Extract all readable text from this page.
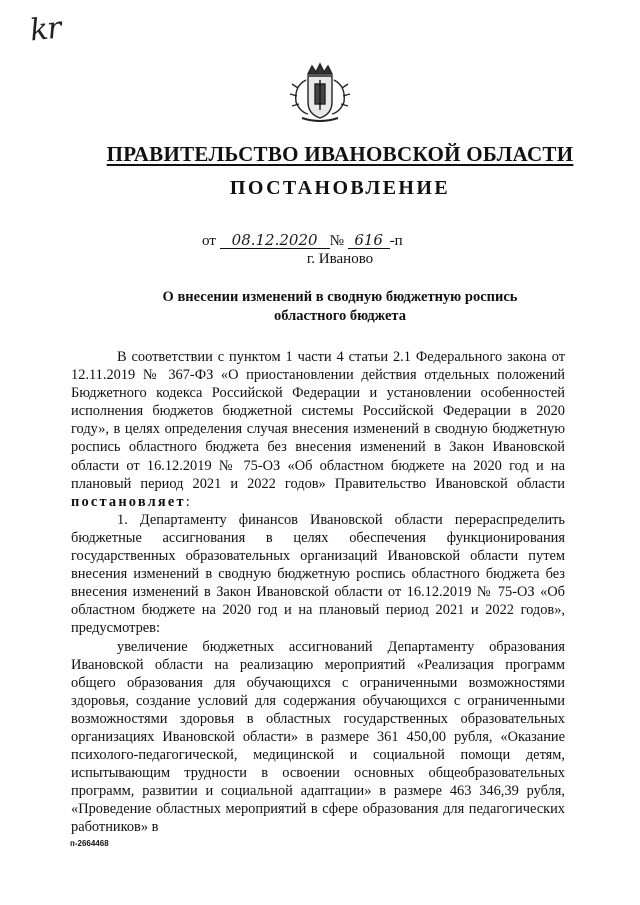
kr
ПРАВИТЕЛЬСТВО ИВАНОВСКОЙ ОБЛАСТИ
ПОСТАНОВЛЕНИЕ
от 08.12.2020 № 616 -п
г. Иваново
О внесении изменений в сводную бюджетную роспись
областного бюджета

В соответствии с пунктом 1 части 4 статьи 2.1 Федерального закона от 12.11.2019 № 367-ФЗ «О приостановлении действия отдельных положений Бюджетного кодекса Российской Федерации и установлении особенностей исполнения бюджетов бюджетной системы Российской Федерации в 2020 году», в целях определения случая внесения изменений в сводную бюджетную роспись областного бюджета без внесения изменений в Закон Ивановской области от 16.12.2019 № 75-ОЗ «Об областном бюджете на 2020 год и на плановый период 2021 и 2022 годов» Правительство Ивановской области постановляет:

1. Департаменту финансов Ивановской области перераспределить бюджетные ассигнования в целях обеспечения функционирования государственных образовательных организаций Ивановской области путем внесения изменений в сводную бюджетную роспись областного бюджета без внесения изменений в Закон Ивановской области от 16.12.2019 № 75-ОЗ «Об областном бюджете на 2020 год и на плановый период 2021 и 2022 годов», предусмотрев:

увеличение бюджетных ассигнований Департаменту образования Ивановской области на реализацию мероприятий «Реализация программ общего образования для обучающихся с ограниченными возможностями здоровья, создание условий для содержания обучающихся с ограниченными возможностями здоровья в областных государственных образовательных организациях Ивановской области» в размере 361 450,00 рубля, «Оказание психолого-педагогической, медицинской и социальной помощи детям, испытывающим трудности в освоении основных общеобразовательных программ, развитии и социальной адаптации» в размере 463 346,39 рубля, «Проведение областных мероприятий в сфере образования для педагогических работников» в

п-2664468
